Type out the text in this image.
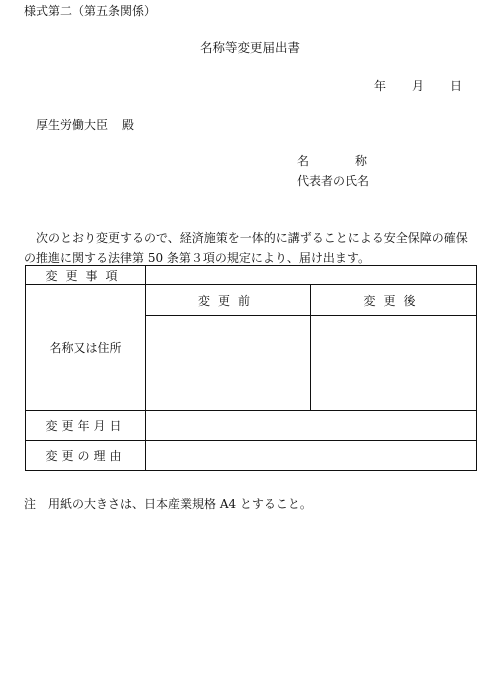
様式第二（第五条関係）
名称等変更届出書
年 月 日
厚生労働大臣 殿
名	称
代表者の氏名
次のとおり変更するので、経済施策を一体的に講ずることによる安全保障の確保の推進に関する法律第 50 条第３項の規定により、届け出ます。
変更事項		
名称又は住所	変更前	変更後

変更年月日		
変更の理由		
注　用紙の大きさは、日本産業規格 A4 とすること。
